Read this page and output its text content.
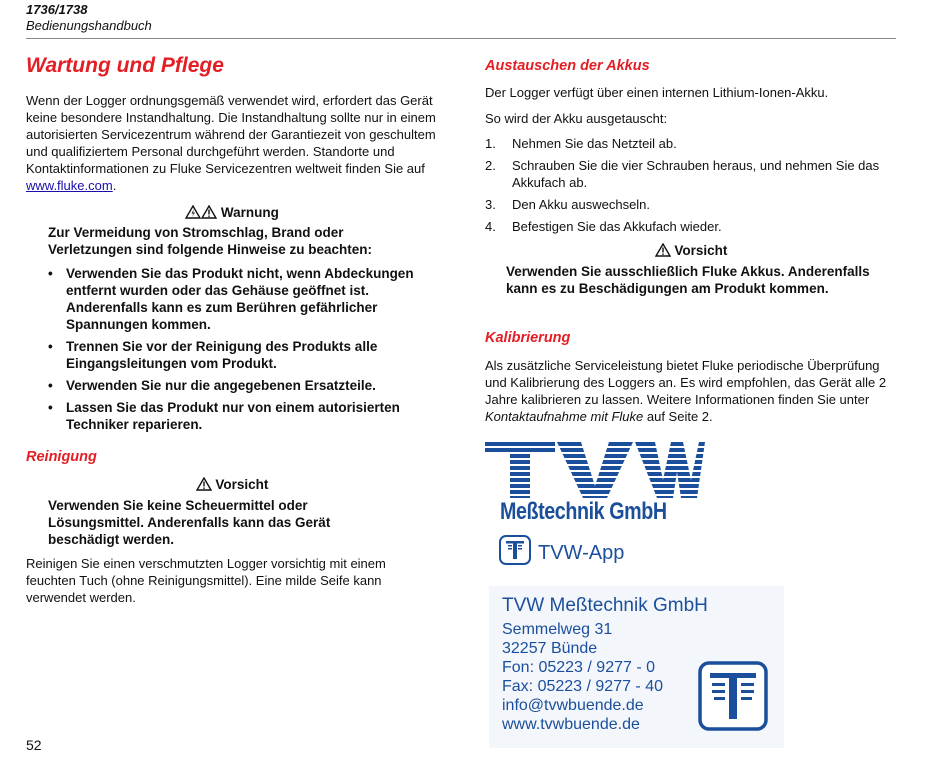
1736/1738
Bedienungshandbuch
Wartung und Pflege

Wenn der Logger ordnungsgemäß verwendet wird, erfordert das Gerät keine besondere Instandhaltung. Die Instandhaltung sollte nur in einem autorisierten Servicezentrum während der Garantiezeit von geschultem und qualifiziertem Personal durchgeführt werden. Standorte und Kontaktinformationen zu Fluke Servicezentren weltweit finden Sie auf www.fluke.com.

Warnung
Zur Vermeidung von Stromschlag, Brand oder Verletzungen sind folgende Hinweise zu beachten:
• Verwenden Sie das Produkt nicht, wenn Abdeckungen entfernt wurden oder das Gehäuse geöffnet ist. Anderenfalls kann es zum Berühren gefährlicher Spannungen kommen.
• Trennen Sie vor der Reinigung des Produkts alle Eingangsleitungen vom Produkt.
• Verwenden Sie nur die angegebenen Ersatzteile.
• Lassen Sie das Produkt nur von einem autorisierten Techniker reparieren.
Reinigung
Vorsicht
Verwenden Sie keine Scheuermittel oder Lösungsmittel. Anderenfalls kann das Gerät beschädigt werden.

Reinigen Sie einen verschmutzten Logger vorsichtig mit einem feuchten Tuch (ohne Reinigungsmittel). Eine milde Seife kann verwendet werden.

52
Austauschen der Akkus

Der Logger verfügt über einen internen Lithium-Ionen-Akku.

So wird der Akku ausgetauscht:

1. Nehmen Sie das Netzteil ab.
2. Schrauben Sie die vier Schrauben heraus, und nehmen Sie das Akkufach ab.
3. Den Akku auswechseln.
4. Befestigen Sie das Akkufach wieder.
Vorsicht
Verwenden Sie ausschließlich Fluke Akkus. Anderenfalls kann es zu Beschädigungen am Produkt kommen.
Kalibrierung

Als zusätzliche Serviceleistung bietet Fluke periodische Überprüfung und Kalibrierung des Loggers an. Es wird empfohlen, das Gerät alle 2 Jahre kalibrieren zu lassen. Weitere Informationen finden Sie unter Kontaktaufnahme mit Fluke auf Seite 2.

Meßtechnik GmbH
TVW-App
TVW Meßtechnik GmbH
Semmelweg 31
32257 Bünde
Fon: 05223 / 9277 - 0
Fax: 05223 / 9277 - 40
info@tvwbuende.de
www.tvwbuende.de
